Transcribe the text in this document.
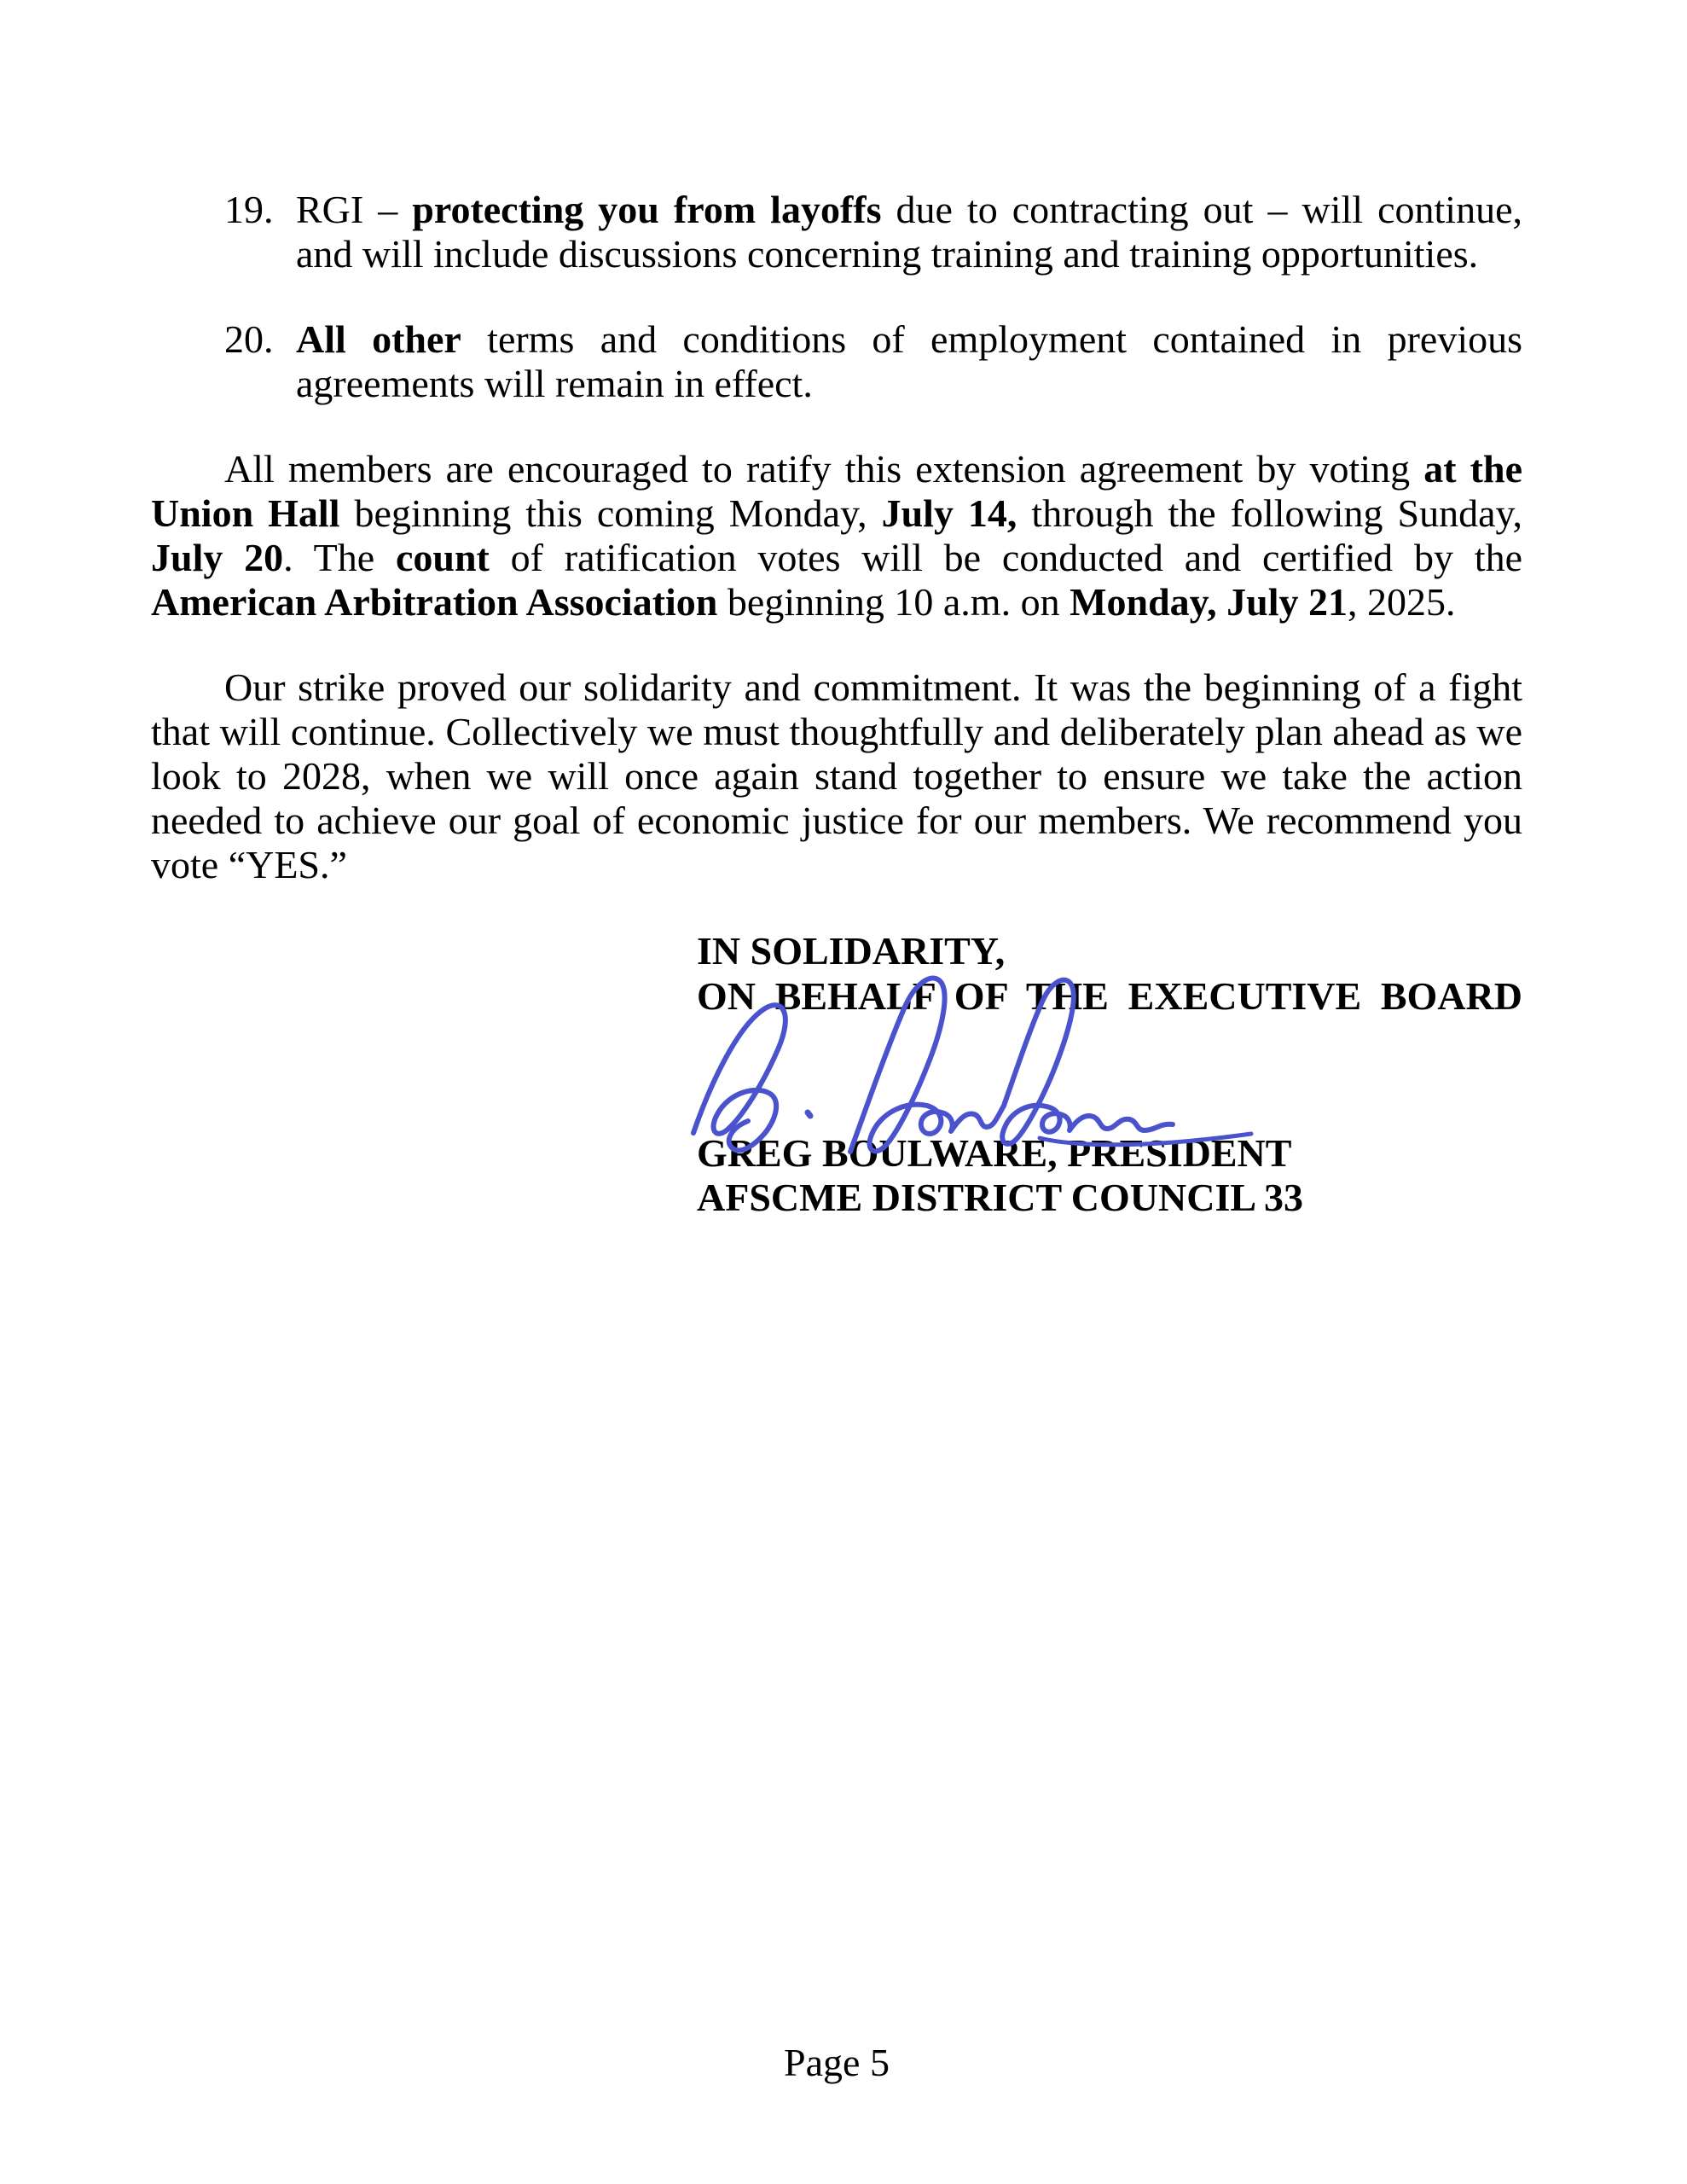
19. RGI – protecting you from layoffs due to contracting out – will continue, and will include discussions concerning training and training opportunities.
20. All other terms and conditions of employment contained in previous agreements will remain in effect.

All members are encouraged to ratify this extension agreement by voting at the Union Hall beginning this coming Monday, July 14, through the following Sunday, July 20. The count of ratification votes will be conducted and certified by the American Arbitration Association beginning 10 a.m. on Monday, July 21, 2025.

Our strike proved our solidarity and commitment. It was the beginning of a fight that will continue. Collectively we must thoughtfully and deliberately plan ahead as we look to 2028, when we will once again stand together to ensure we take the action needed to achieve our goal of economic justice for our members. We recommend you vote “YES.”

IN SOLIDARITY,
ON BEHALF OF THE EXECUTIVE BOARD
GREG BOULWARE, PRESIDENT
AFSCME DISTRICT COUNCIL 33
Page 5
